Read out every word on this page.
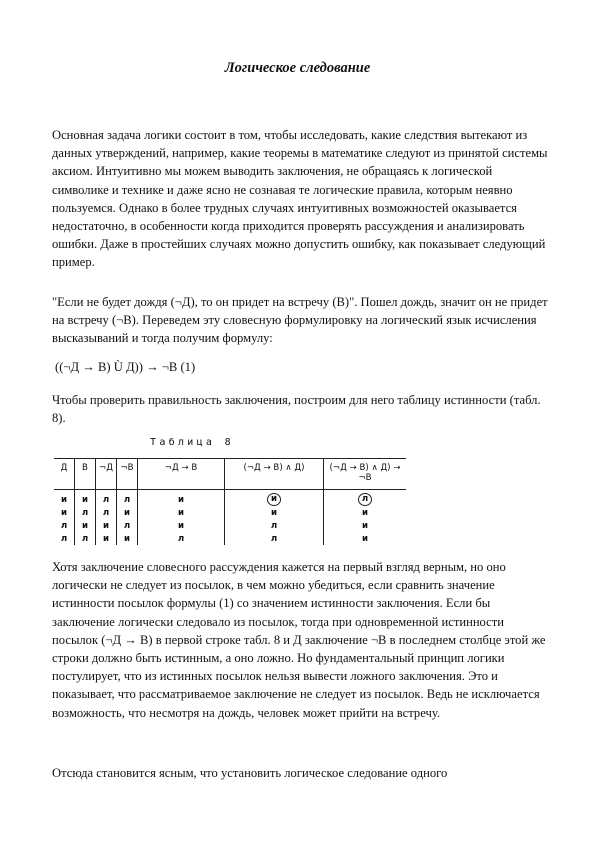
Логическое следование

Основная задача логики состоит в том, чтобы исследовать, какие следствия вытекают из данных утверждений, например, какие теоремы в математике следуют из принятой системы аксиом. Интуитивно мы можем выводить заключения, не обращаясь к логической символике и технике и даже ясно не сознавая те логические правила, которым неявно пользуемся. Однако в более трудных случаях интуитивных возможностей оказывается недостаточно, в особенности когда приходится проверять рассуждения и анализировать ошибки. Даже в простейших случаях можно допустить ошибку, как показывает следующий пример.

"Если не будет дождя (¬Д), то он придет на встречу (В)". Пошел дождь, значит он не придет на встречу (¬В). Переведем эту словесную формулировку на логический язык исчисления высказываний и тогда получим формулу:

((¬Д → В) Ù Д)) → ¬В (1)

Чтобы проверить правильность заключения, построим для него таблицу истинности (табл. 8).

Таблица 8
Д	В	¬Д	¬В	¬Д → В	(¬Д → В) ∧ Д)	(¬Д → В) ∧ Д) → ¬В
и	и	л	л	и	и	л
и	л	л	и	и	и	и
л	и	и	л	и	л	и
л	л	и	и	л	л	и

Хотя заключение словесного рассуждения кажется на первый взгляд верным, но оно логически не следует из посылок, в чем можно убедиться, если сравнить значение истинности посылок формулы (1) со значением истинности заключения. Если бы заключение логически следовало из посылок, тогда при одновременной истинности посылок (¬Д → В) в первой строке табл. 8 и Д заключение ¬В в последнем столбце этой же строки должно быть истинным, а оно ложно. Но фундаментальный принцип логики постулирует, что из истинных посылок нельзя вывести ложного заключения. Это и показывает, что рассматриваемое заключение не следует из посылок. Ведь не исключается возможность, что несмотря на дождь, человек может прийти на встречу.

Отсюда становится ясным, что установить логическое следование одного
